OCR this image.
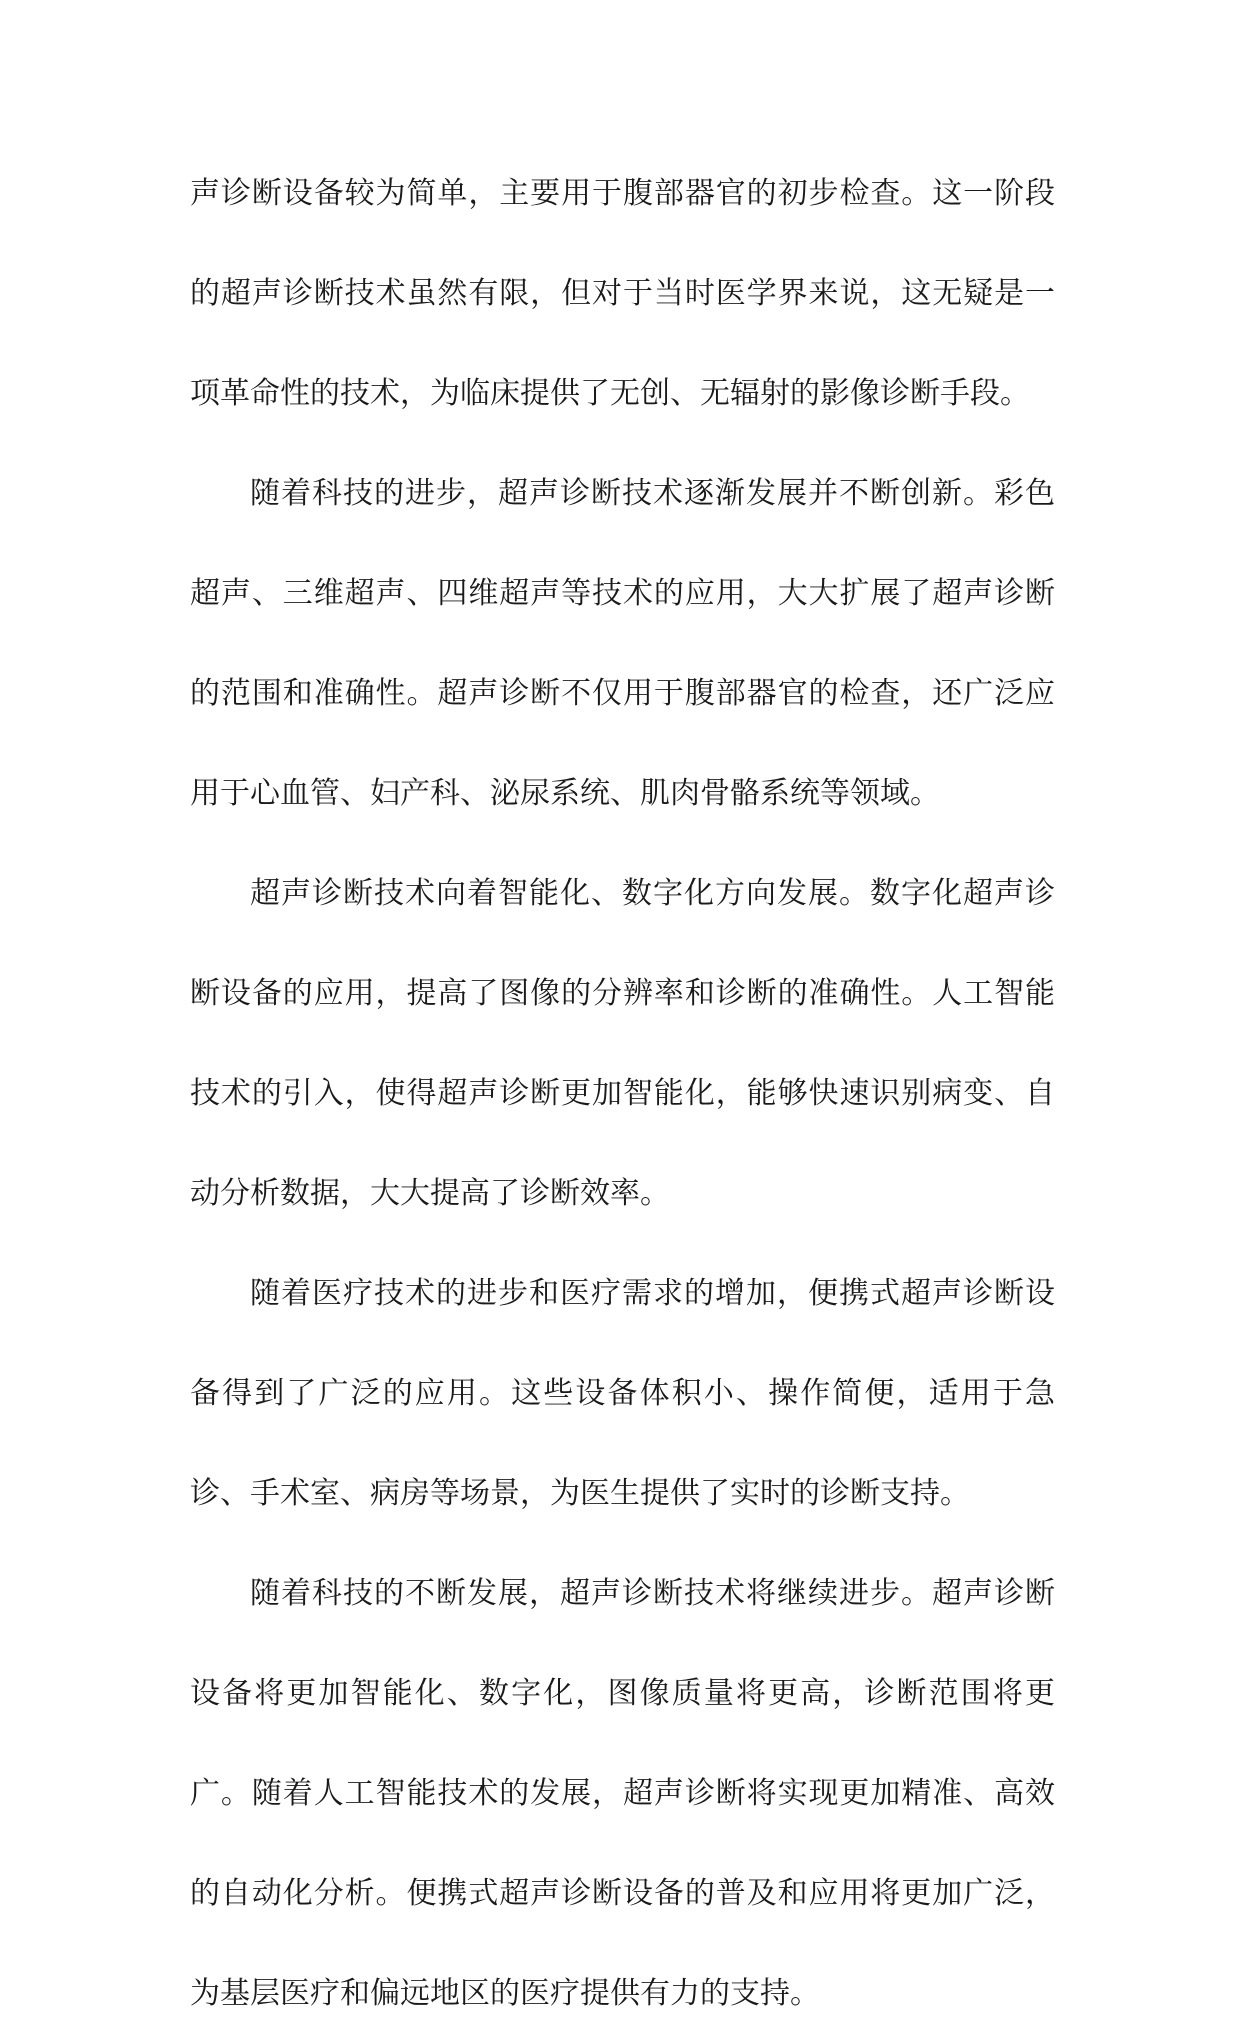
声诊断设备较为简单，主要用于腹部器官的初步检查。这一阶段的超声诊断技术虽然有限，但对于当时医学界来说，这无疑是一项革命性的技术，为临床提供了无创、无辐射的影像诊断手段。

随着科技的进步，超声诊断技术逐渐发展并不断创新。彩色超声、三维超声、四维超声等技术的应用，大大扩展了超声诊断的范围和准确性。超声诊断不仅用于腹部器官的检查，还广泛应用于心血管、妇产科、泌尿系统、肌肉骨骼系统等领域。

超声诊断技术向着智能化、数字化方向发展。数字化超声诊断设备的应用，提高了图像的分辨率和诊断的准确性。人工智能技术的引入，使得超声诊断更加智能化，能够快速识别病变、自动分析数据，大大提高了诊断效率。

随着医疗技术的进步和医疗需求的增加，便携式超声诊断设备得到了广泛的应用。这些设备体积小、操作简便，适用于急诊、手术室、病房等场景，为医生提供了实时的诊断支持。

随着科技的不断发展，超声诊断技术将继续进步。超声诊断设备将更加智能化、数字化，图像质量将更高，诊断范围将更广。随着人工智能技术的发展，超声诊断将实现更加精准、高效的自动化分析。便携式超声诊断设备的普及和应用将更加广泛，为基层医疗和偏远地区的医疗提供有力的支持。
